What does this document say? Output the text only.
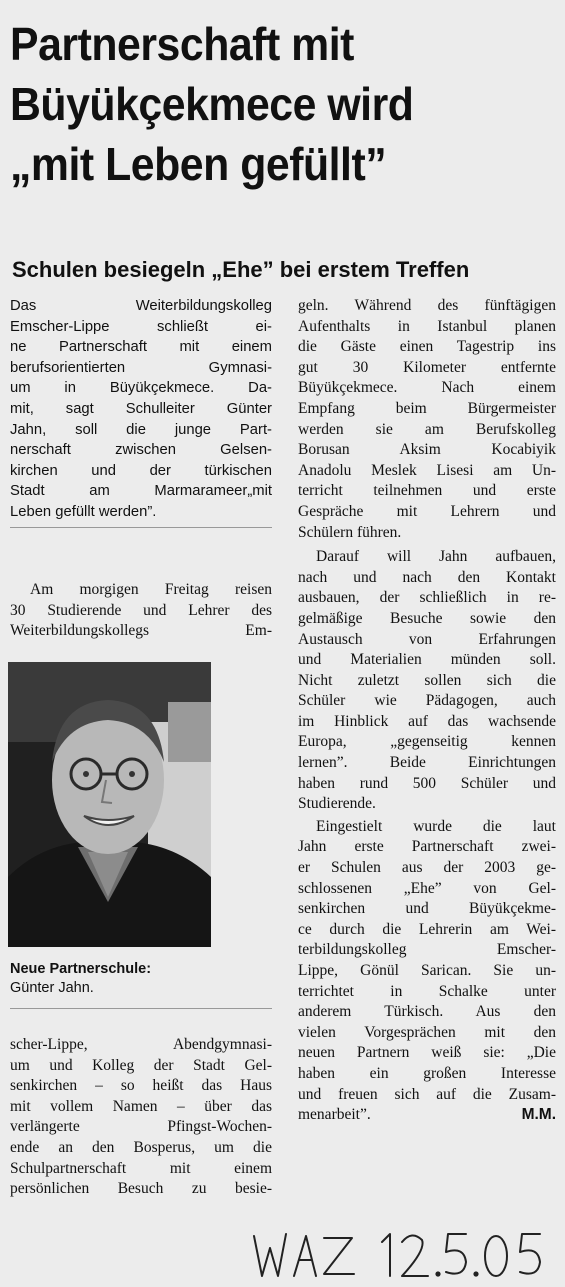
Partnerschaft mit
Büyükçekmece wird
„mit Leben gefüllt”
Schulen besiegeln „Ehe” bei erstem Treffen

Das Weiterbildungskolleg
Emscher-Lippe schließt ei-
ne Partnerschaft mit einem
berufsorientierten Gymnasi-
um in Büyükçekmece. Da-
mit, sagt Schulleiter Günter
Jahn, soll die junge Part-
nerschaft zwischen Gelsen-
kirchen und der türkischen
Stadt am Marmarameer„mit
Leben gefüllt werden”.

Am morgigen Freitag reisen
30 Studierende und Lehrer des
Weiterbildungskollegs Em-

Neue Partnerschule:
Günter Jahn.

scher-Lippe, Abendgymnasi-
um und Kolleg der Stadt Gel-
senkirchen – so heißt das Haus
mit vollem Namen – über das
verlängerte Pfingst-Wochen-
ende an den Bosperus, um die
Schulpartnerschaft mit einem
persönlichen Besuch zu besie-

geln. Während des fünftägigen
Aufenthalts in Istanbul planen
die Gäste einen Tagestrip ins
gut 30 Kilometer entfernte
Büyükçekmece. Nach einem
Empfang beim Bürgermeister
werden sie am Berufskolleg
Borusan Aksim Kocabiyik
Anadolu Meslek Lisesi am Un-
terricht teilnehmen und erste
Gespräche mit Lehrern und
Schülern führen.

Darauf will Jahn aufbauen,
nach und nach den Kontakt
ausbauen, der schließlich in re-
gelmäßige Besuche sowie den
Austausch von Erfahrungen
und Materialien münden soll.
Nicht zuletzt sollen sich die
Schüler wie Pädagogen, auch
im Hinblick auf das wachsende
Europa, „gegenseitig kennen
lernen”. Beide Einrichtungen
haben rund 500 Schüler und
Studierende.

Eingestielt wurde die laut
Jahn erste Partnerschaft zwei-
er Schulen aus der 2003 ge-
schlossenen „Ehe” von Gel-
senkirchen und Büyükçekme-
ce durch die Lehrerin am Wei-
terbildungskolleg Emscher-
Lippe, Gönül Sarican. Sie un-
terrichtet in Schalke unter
anderem Türkisch. Aus den
vielen Vorgesprächen mit den
neuen Partnern weiß sie: „Die
haben ein großen Interesse
und freuen sich auf die Zusam-
menarbeit”.	M.M.
